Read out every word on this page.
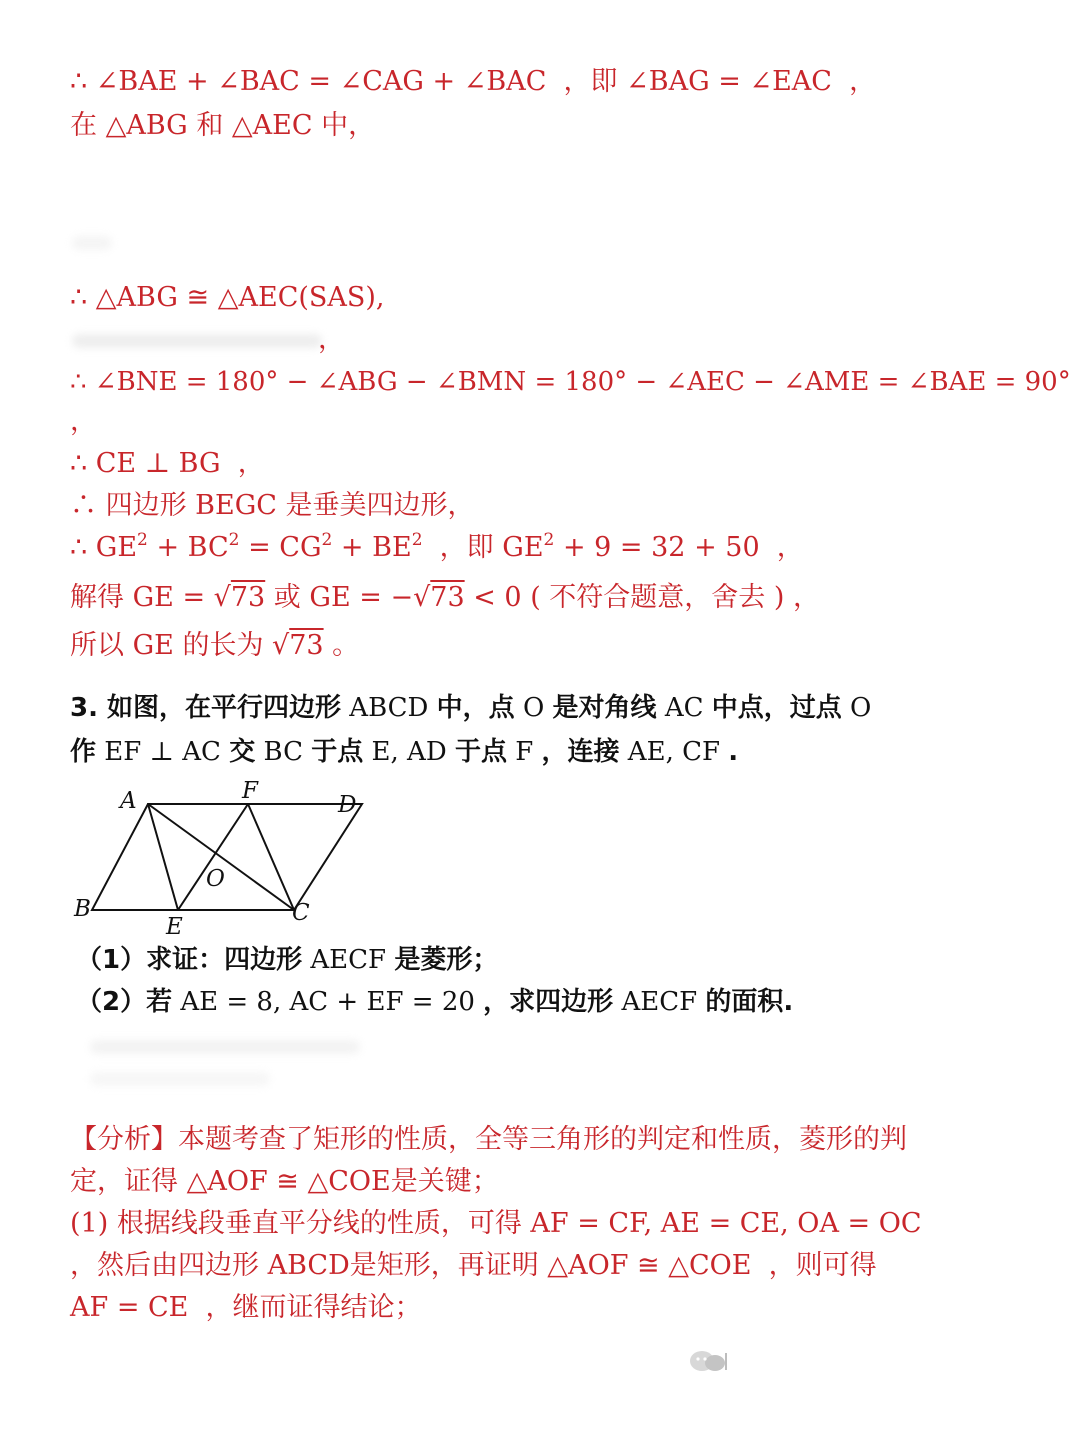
∴ ∠BAE + ∠BAC = ∠CAG + ∠BAC  ，即 ∠BAG = ∠EAC  ，
在 △ABG 和 △AEC 中，
∴ △ABG ≅ △AEC(SAS),
，
∴ ∠BNE = 180° − ∠ABG − ∠BMN = 180° − ∠AEC − ∠AME = ∠BAE = 90°
，
∴ CE ⊥ BG  ，
∴ 四边形 BEGC 是垂美四边形，
∴ $GE^2 + BC^2 = CG^2 + BE^2$  ，即 $GE^2 + 9 = 32 + 50$  ，
解得 GE = √73 或 GE = −√73 < 0 ( 不符合题意，舍去 ) ，
所以 GE 的长为 √73 。
3. 如图，在平行四边形 ABCD 中，点 O 是对角线 AC 中点，过点 O
作 EF ⊥ AC 交 BC 于点 E, AD 于点 F ，连接 AE, CF .
A	F
D
B
E
C
O
（1）求证：四边形 AECF 是菱形；
（2）若 AE = 8, AC + EF = 20 ，求四边形 AECF 的面积.
【分析】本题考查了矩形的性质，全等三角形的判定和性质，菱形的判
定，证得 △AOF ≅ △COE是关键；
(1) 根据线段垂直平分线的性质，可得 AF = CF, AE = CE, OA = OC
，然后由四边形 ABCD是矩形，再证明 △AOF ≅ △COE  ，则可得
AF = CE  ，继而证得结论；
